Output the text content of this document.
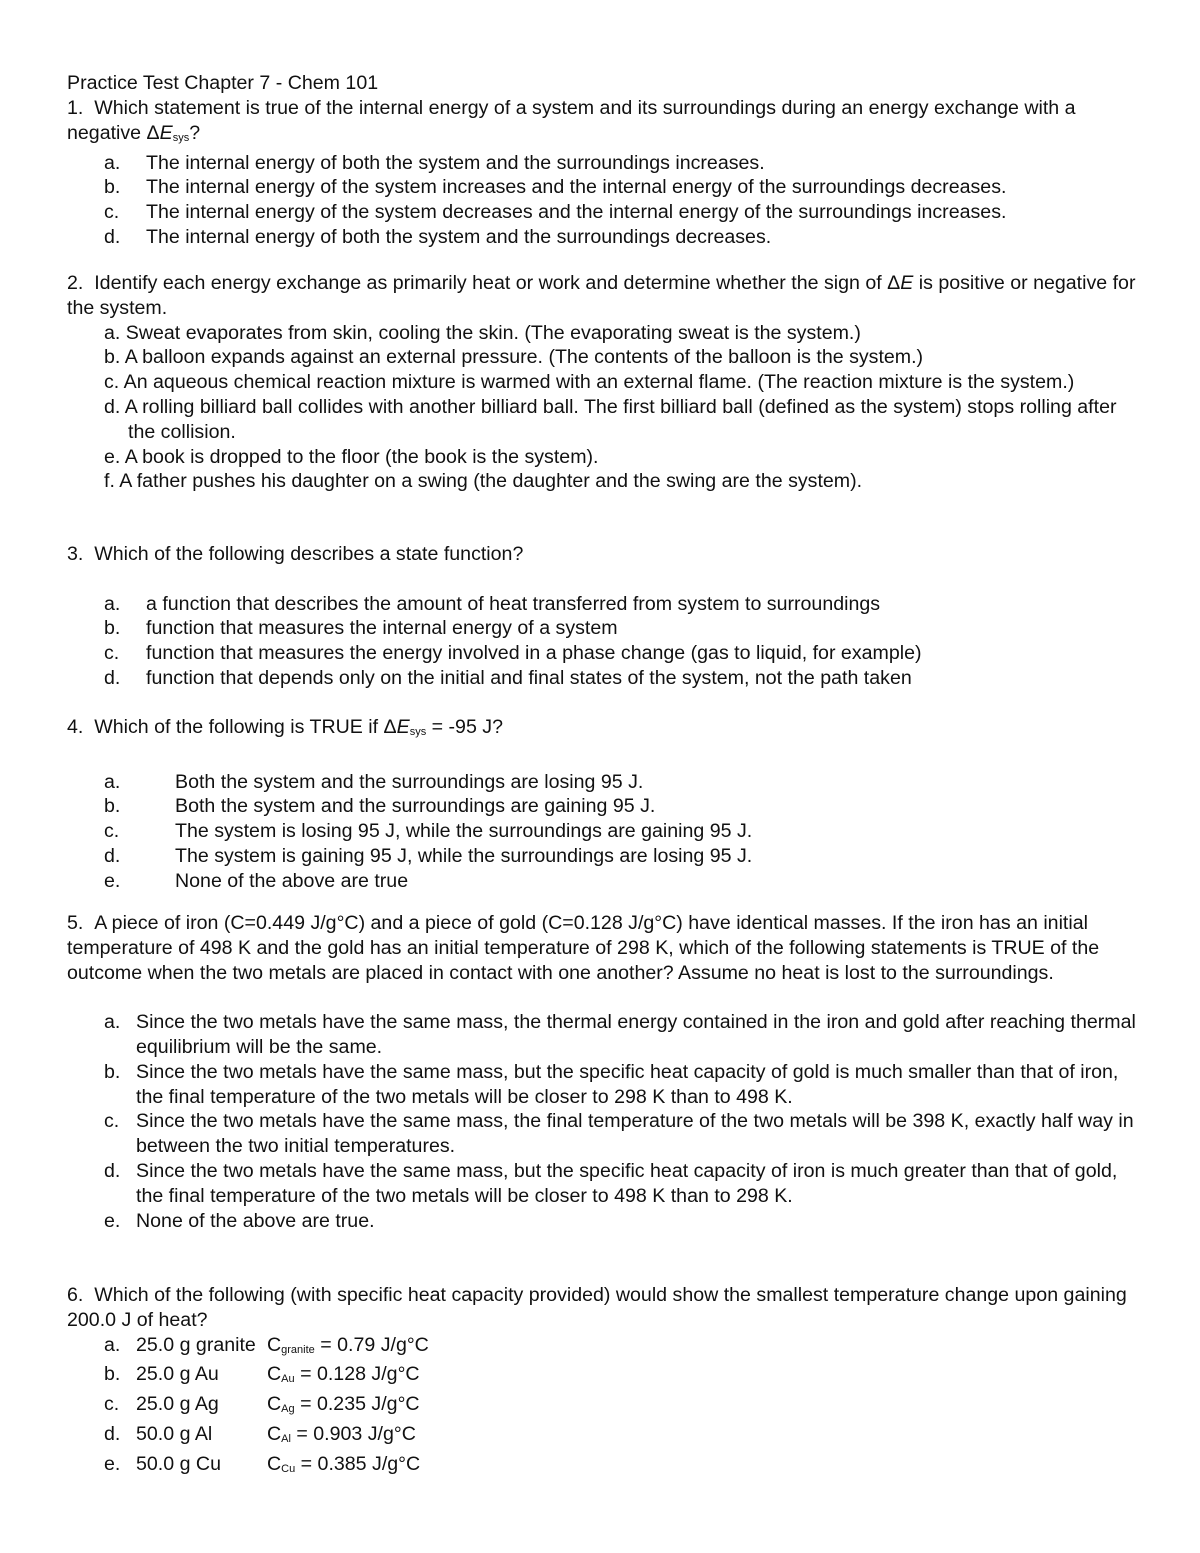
Practice Test Chapter 7 - Chem 101

1. Which statement is true of the internal energy of a system and its surroundings during an energy exchange with a negative $\Delta E_{sys}$?

a. The internal energy of both the system and the surroundings increases.
b. The internal energy of the system increases and the internal energy of the surroundings decreases.
c. The internal energy of the system decreases and the internal energy of the surroundings increases.
d. The internal energy of both the system and the surroundings decreases.

2. Identify each energy exchange as primarily heat or work and determine whether the sign of ΔE is positive or negative for the system.

a. Sweat evaporates from skin, cooling the skin. (The evaporating sweat is the system.)
b. A balloon expands against an external pressure. (The contents of the balloon is the system.)
c. An aqueous chemical reaction mixture is warmed with an external flame. (The reaction mixture is the system.)
d. A rolling billiard ball collides with another billiard ball. The first billiard ball (defined as the system) stops rolling after the collision.
e. A book is dropped to the floor (the book is the system).
f. A father pushes his daughter on a swing (the daughter and the swing are the system).

3. Which of the following describes a state function?

a. a function that describes the amount of heat transferred from system to surroundings
b. function that measures the internal energy of a system
c. function that measures the energy involved in a phase change (gas to liquid, for example)
d. function that depends only on the initial and final states of the system, not the path taken

4. Which of the following is TRUE if $\Delta E_{sys} = -95$ J?

a.	Both the system and the surroundings are losing 95 J.
b.	Both the system and the surroundings are gaining 95 J.
c.	The system is losing 95 J, while the surroundings are gaining 95 J.
d.	The system is gaining 95 J, while the surroundings are losing 95 J.
e.	None of the above are true

5. A piece of iron (C=0.449 J/g°C) and a piece of gold (C=0.128 J/g°C) have identical masses. If the iron has an initial temperature of 498 K and the gold has an initial temperature of 298 K, which of the following statements is TRUE of the outcome when the two metals are placed in contact with one another? Assume no heat is lost to the surroundings.

a. Since the two metals have the same mass, the thermal energy contained in the iron and gold after reaching thermal equilibrium will be the same.
b. Since the two metals have the same mass, but the specific heat capacity of gold is much smaller than that of iron, the final temperature of the two metals will be closer to 298 K than to 498 K.
c. Since the two metals have the same mass, the final temperature of the two metals will be 398 K, exactly half way in between the two initial temperatures.
d. Since the two metals have the same mass, but the specific heat capacity of iron is much greater than that of gold, the final temperature of the two metals will be closer to 498 K than to 298 K.
e. None of the above are true.

6. Which of the following (with specific heat capacity provided) would show the smallest temperature change upon gaining 200.0 J of heat?

a. 25.0 g granite $C_{granite} = 0.79$ J/g°C
b. 25.0 g Au $C_{Au} = 0.128$ J/g°C
c. 25.0 g Ag $C_{Ag} = 0.235$ J/g°C
d. 50.0 g Al	$C_{Al} = 0.903$ J/g°C
e. 50.0 g Cu $C_{Cu} = 0.385$ J/g°C
